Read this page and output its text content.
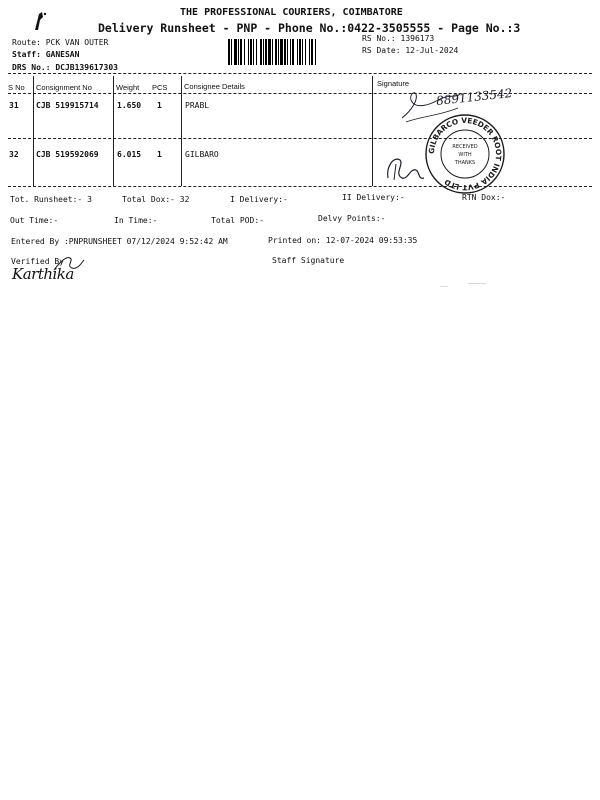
THE PROFESSIONAL COURIERS, COIMBATORE
Delivery Runsheet - PNP - Phone No.:0422-3505555 - Page No.:3
Route: PCK VAN OUTER
Staff: GANESAN
DRS No.: DCJB139617303
RS No.: 1396173
RS Date: 12-Jul-2024
S No Consignment No	Weight PCS Consignee Details	Signature
31 CJB 519915714 1.650 1	PRABL
32 CJB 519592069 6.015 1	GILBARO
8891133542
GILBARCO VEEDER ROOT INDIA PVT LTD
RECEIVED
WITH
THANKS
Tot. Runsheet:- 3	Total Dox:- 32	I Delivery:-	II Delivery:-	RTN Dox:-
Out Time:-	In Time:-	Total POD:-	Delvy Points:-
Entered By :PNPRUNSHEET 07/12/2024 9:52:42 AM	Printed on: 12-07-2024 09:53:35
Verified By	Staff Signature
Karthika
